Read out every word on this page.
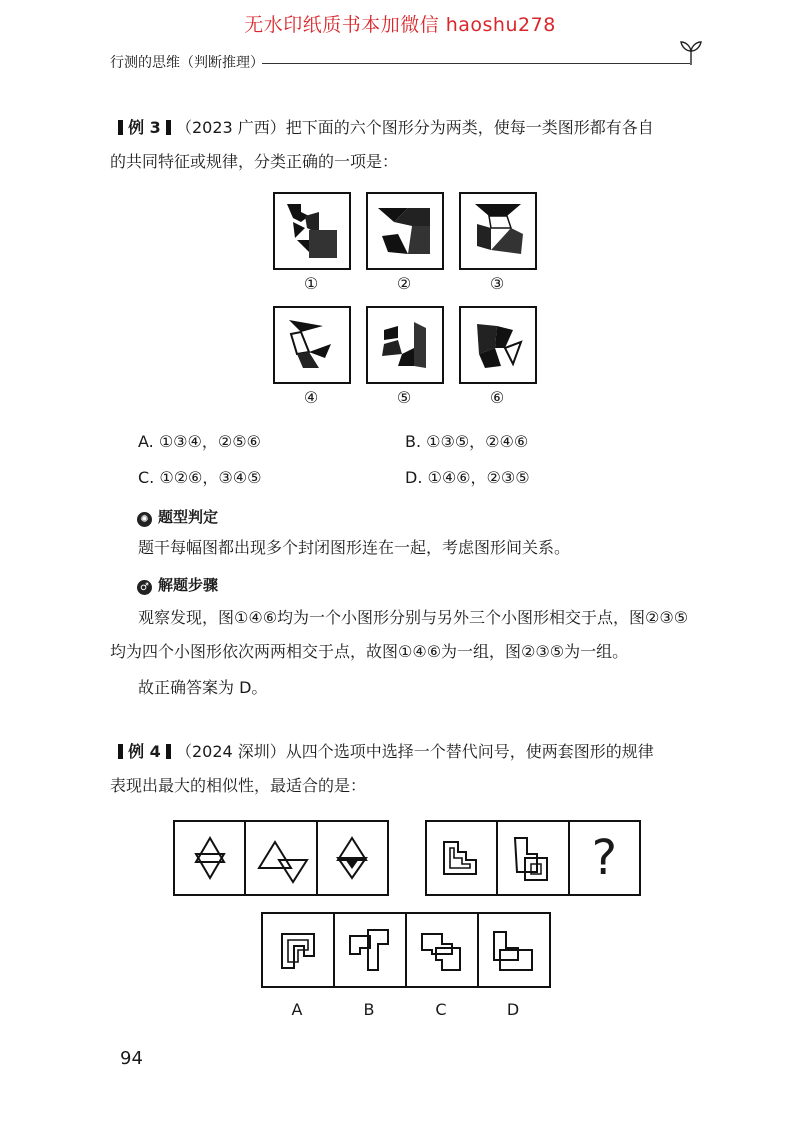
无水印纸质书本加微信 haoshu278
行测的思维（判断推理）
例 3 （2023 广西）把下面的六个图形分为两类，使每一类图形都有各自
的共同特征或规律，分类正确的一项是：
①	②	③
④	⑤	⑥
A. ①③④，②⑤⑥	B. ①③⑤，②④⑥
C. ①②⑥，③④⑤	D. ①④⑥，②③⑤
✺ 题型判定
题干每幅图都出现多个封闭图形连在一起，考虑图形间关系。
♂ 解题步骤
观察发现，图①④⑥均为一个小图形分别与另外三个小图形相交于点，图②③⑤
均为四个小图形依次两两相交于点，故图①④⑥为一组，图②③⑤为一组。
故正确答案为 D。
例 4 （2024 深圳）从四个选项中选择一个替代问号，使两套图形的规律
表现出最大的相似性，最适合的是：
?
A	B	C	D
94
